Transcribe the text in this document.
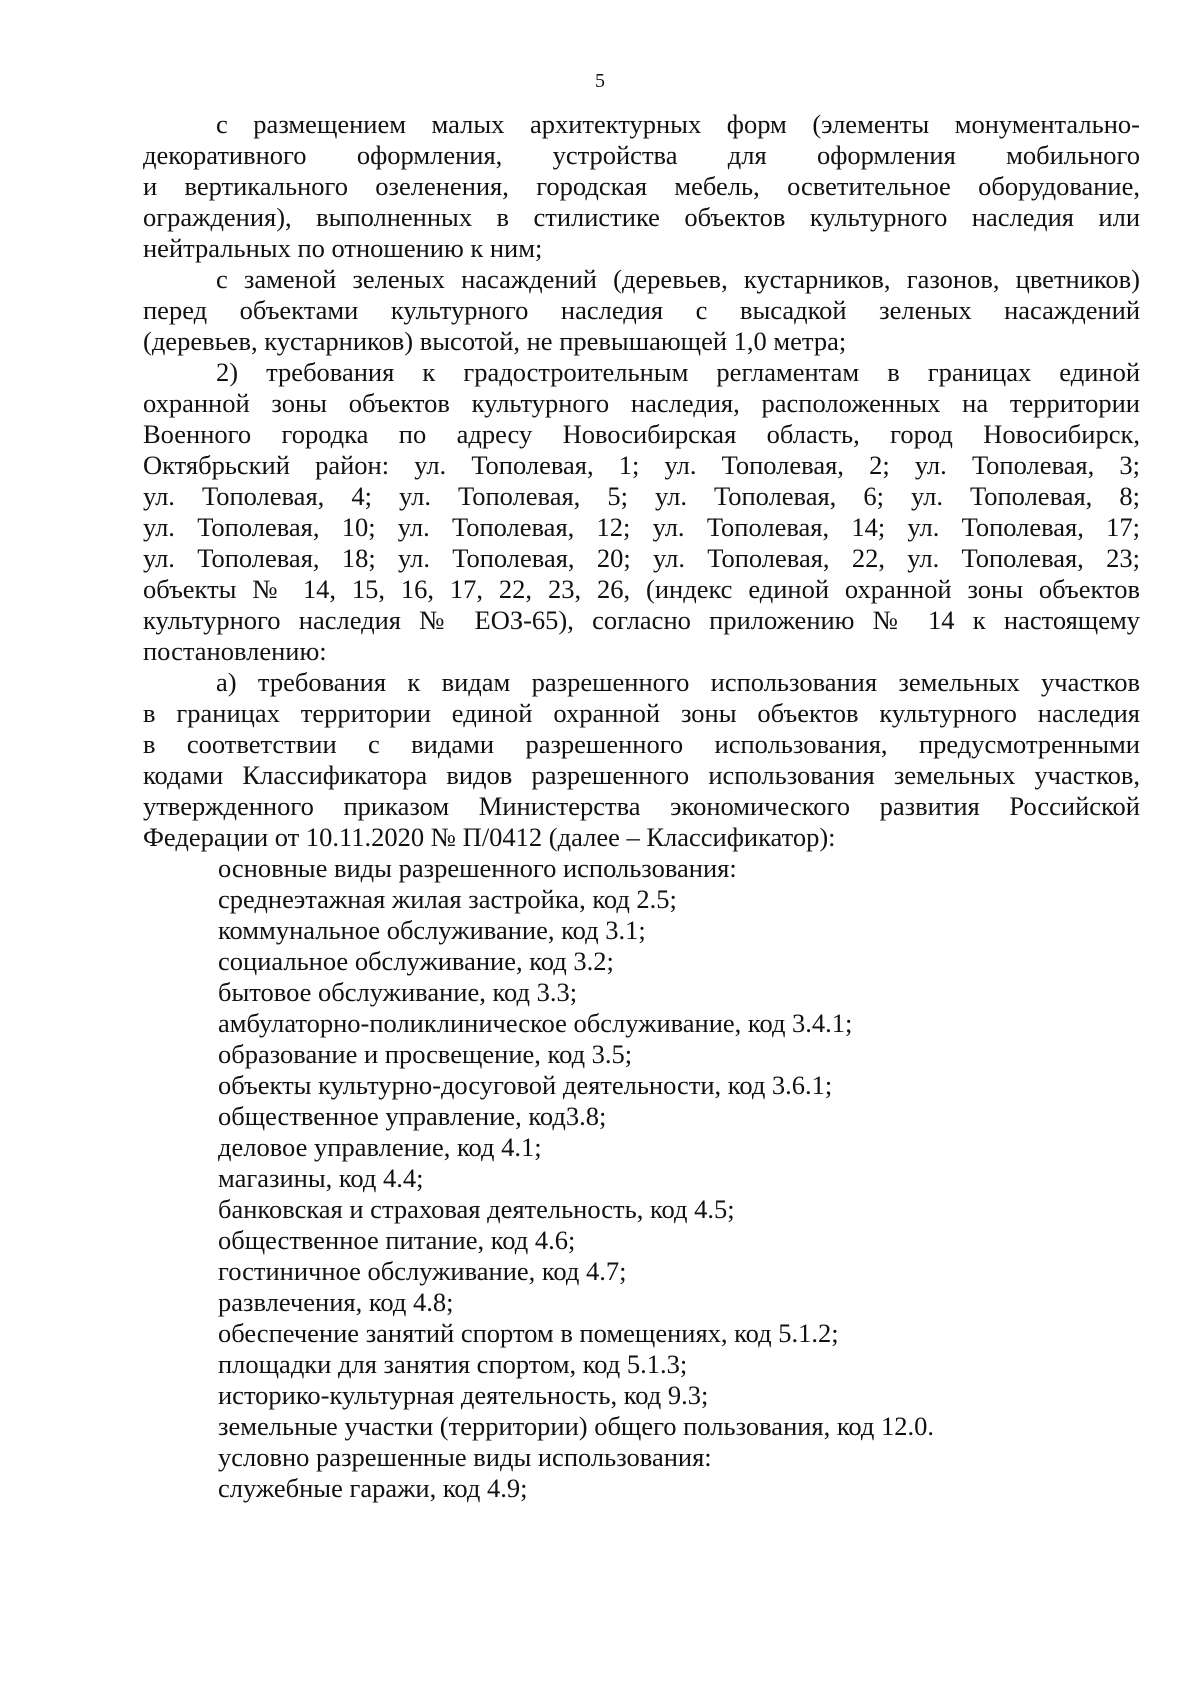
5
с размещением малых архитектурных форм (элементы монументально-
декоративного оформления, устройства для оформления мобильного
и вертикального озеленения, городская мебель, осветительное оборудование,
ограждения), выполненных в стилистике объектов культурного наследия или
нейтральных по отношению к ним;
с заменой зеленых насаждений (деревьев, кустарников, газонов, цветников)
перед объектами культурного наследия с высадкой зеленых насаждений
(деревьев, кустарников) высотой, не превышающей 1,0 метра;
2) требования к градостроительным регламентам в границах единой
охранной зоны объектов культурного наследия, расположенных на территории
Военного городка по адресу Новосибирская область, город Новосибирск,
Октябрьский район: ул. Тополевая, 1; ул. Тополевая, 2; ул. Тополевая, 3;
ул. Тополевая, 4; ул. Тополевая, 5; ул. Тополевая, 6; ул. Тополевая, 8;
ул. Тополевая, 10; ул. Тополевая, 12; ул. Тополевая, 14; ул. Тополевая, 17;
ул. Тополевая, 18; ул. Тополевая, 20; ул. Тополевая, 22, ул. Тополевая, 23;
объекты № 14, 15, 16, 17, 22, 23, 26, (индекс единой охранной зоны объектов
культурного наследия № ЕОЗ-65), согласно приложению № 14 к настоящему
постановлению:
а) требования к видам разрешенного использования земельных участков
в границах территории единой охранной зоны объектов культурного наследия
в соответствии с видами разрешенного использования, предусмотренными
кодами Классификатора видов разрешенного использования земельных участков,
утвержденного приказом Министерства экономического развития Российской
Федерации от 10.11.2020 № П/0412 (далее – Классификатор):
основные виды разрешенного использования:
среднеэтажная жилая застройка, код 2.5;
коммунальное обслуживание, код 3.1;
социальное обслуживание, код 3.2;
бытовое обслуживание, код 3.3;
амбулаторно-поликлиническое обслуживание, код 3.4.1;
образование и просвещение, код 3.5;
объекты культурно-досуговой деятельности, код 3.6.1;
общественное управление, код3.8;
деловое управление, код 4.1;
магазины, код 4.4;
банковская и страховая деятельность, код 4.5;
общественное питание, код 4.6;
гостиничное обслуживание, код 4.7;
развлечения, код 4.8;
обеспечение занятий спортом в помещениях, код 5.1.2;
площадки для занятия спортом, код 5.1.3;
историко-культурная деятельность, код 9.3;
земельные участки (территории) общего пользования, код 12.0.
условно разрешенные виды использования:
служебные гаражи, код 4.9;
